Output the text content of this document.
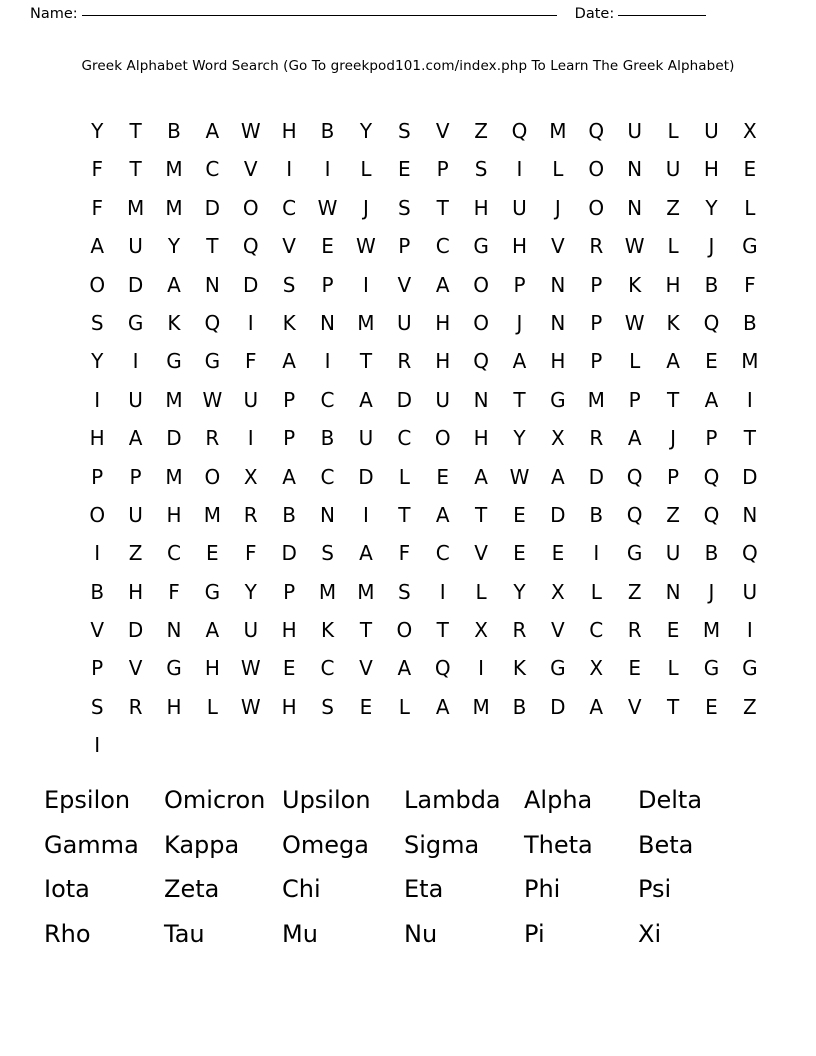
Name:	Date:
Greek Alphabet Word Search (Go To greekpod101.com/index.php To Learn The Greek Alphabet)
Y T B A W H B Y S V Z Q M Q U L U X
F T M C V I I L E P S I L O N U H E
F M M D O C W J S T H U J O N Z Y L
A U Y T Q V E W P C G H V R W L J G
O D A N D S P I V A O P N P K H B F
S G K Q I K N M U H O J N P W K Q B
Y I G G F A I T R H Q A H P L A E M
I U M W U P C A D U N T G M P T A I
H A D R I P B U C O H Y X R A J P T
P P M O X A C D L E A W A D Q P Q D
O U H M R B N I T A T E D B Q Z Q N
I Z C E F D S A F C V E E I G U B Q
B H F G Y P M M S I L Y X L Z N J U
V D N A U H K T O T X R V C R E M I
P V G H W E C V A Q I K G X E L G G
S R H L W H S E L A M B D A V T E Z
I
Epsilon	Omicron Upsilon	Lambda Alpha	Delta
Gamma	Kappa	Omega	Sigma	Theta	Beta
Iota	Zeta	Chi	Eta	Phi	Psi
Rho	Tau	Mu	Nu	Pi	Xi
